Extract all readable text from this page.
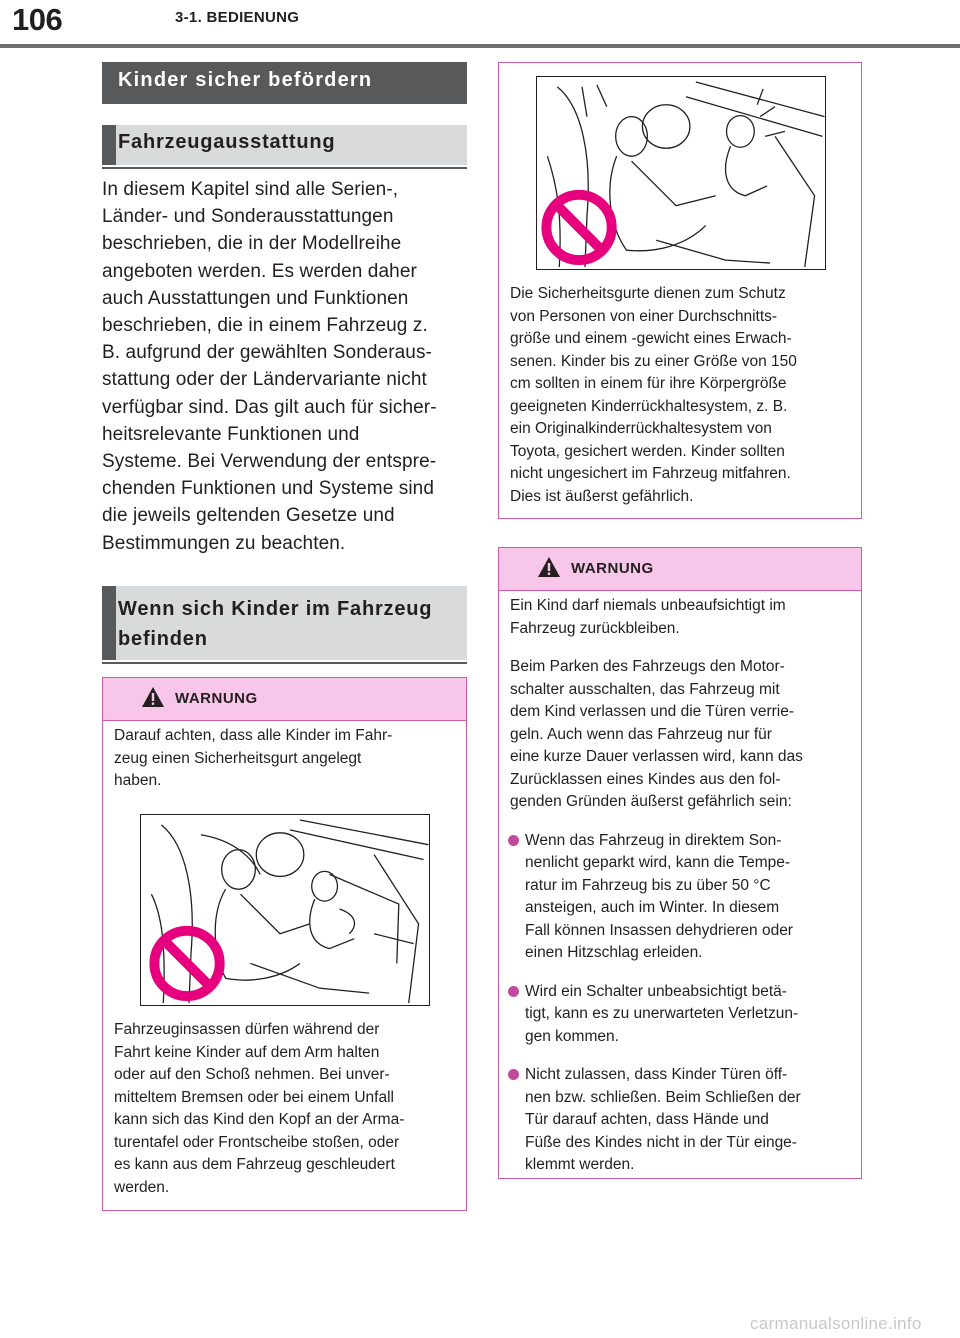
106	3-1. BEDIENUNG
Kinder sicher befördern
Fahrzeugausstattung

In diesem Kapitel sind alle Serien-,

Länder- und Sonderausstattungen

beschrieben, die in der Modellreihe

angeboten werden. Es werden daher

auch Ausstattungen und Funktionen

beschrieben, die in einem Fahrzeug z.

B. aufgrund der gewählten Sonderaus-

stattung oder der Ländervariante nicht

verfügbar sind. Das gilt auch für sicher-

heitsrelevante Funktionen und

Systeme. Bei Verwendung der entspre-

chenden Funktionen und Systeme sind

die jeweils geltenden Gesetze und

Bestimmungen zu beachten.

Wenn sich Kinder im Fahrzeug
befinden
WARNUNG

Darauf achten, dass alle Kinder im Fahr-

zeug einen Sicherheitsgurt angelegt

haben.

Fahrzeuginsassen dürfen während der

Fahrt keine Kinder auf dem Arm halten

oder auf den Schoß nehmen. Bei unver-

mitteltem Bremsen oder bei einem Unfall

kann sich das Kind den Kopf an der Arma-

turentafel oder Frontscheibe stoßen, oder

es kann aus dem Fahrzeug geschleudert

werden.

Die Sicherheitsgurte dienen zum Schutz

von Personen von einer Durchschnitts-

größe und einem -gewicht eines Erwach-

senen. Kinder bis zu einer Größe von 150

cm sollten in einem für ihre Körpergröße

geeigneten Kinderrückhaltesystem, z. B.

ein Originalkinderrückhaltesystem von

Toyota, gesichert werden. Kinder sollten

nicht ungesichert im Fahrzeug mitfahren.

Dies ist äußerst gefährlich.

WARNUNG

Ein Kind darf niemals unbeaufsichtigt im

Fahrzeug zurückbleiben.

Beim Parken des Fahrzeugs den Motor-

schalter ausschalten, das Fahrzeug mit

dem Kind verlassen und die Türen verrie-

geln. Auch wenn das Fahrzeug nur für

eine kurze Dauer verlassen wird, kann das

Zurücklassen eines Kindes aus den fol-

genden Gründen äußerst gefährlich sein:

Wenn das Fahrzeug in direktem Son-

nenlicht geparkt wird, kann die Tempe-

ratur im Fahrzeug bis zu über 50 °C

ansteigen, auch im Winter. In diesem

Fall können Insassen dehydrieren oder

einen Hitzschlag erleiden.

Wird ein Schalter unbeabsichtigt betä-

tigt, kann es zu unerwarteten Verletzun-

gen kommen.

Nicht zulassen, dass Kinder Türen öff-

nen bzw. schließen. Beim Schließen der

Tür darauf achten, dass Hände und

Füße des Kindes nicht in der Tür einge-

klemmt werden.

carmanualsonline.info
